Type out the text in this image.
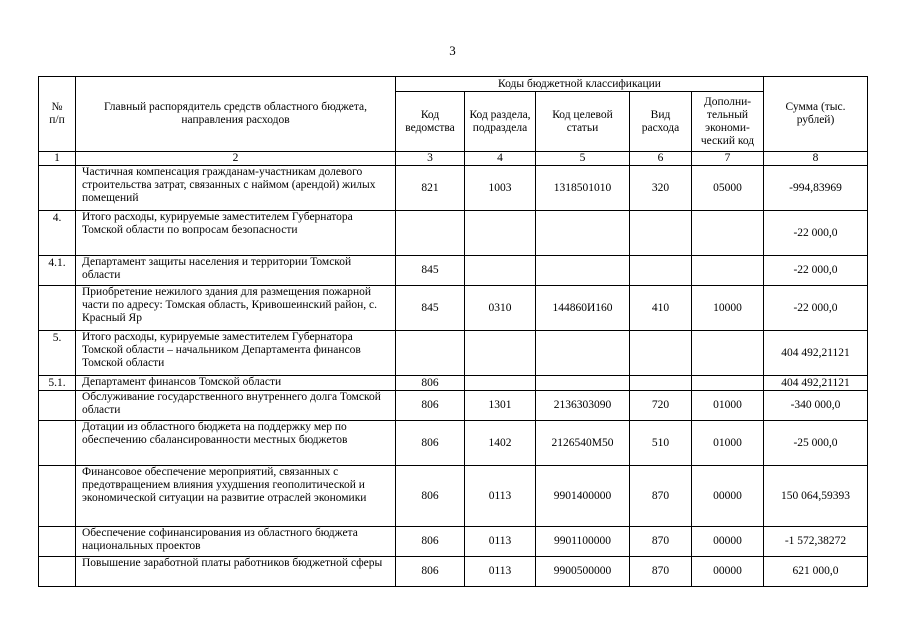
3
№
п/п	Главный распорядитель средств областного бюджета, направления расходов	Коды бюджетной классификации					Сумма (тыс. рублей)
		Код ведомства	Код раздела, подраздела	Код целевой статьи	Вид расхода	Дополни-тельный экономи-ческий код	
1	2	3	4	5	6	7	8
	Частичная компенсация гражданам-участникам долевого строительства затрат, связанных с наймом (арендой) жилых помещений	821	1003	1318501010	320	05000	-994,83969
4.	Итого расходы, курируемые заместителем Губернатора Томской области по вопросам безопасности						-22 000,0
4.1.	Департамент защиты населения и территории Томской области	845					-22 000,0
	Приобретение нежилого здания для размещения пожарной части по адресу: Томская область, Кривошеинский район, с. Красный Яр	845	0310	144860И160	410	10000	-22 000,0
5.	Итого расходы, курируемые заместителем Губернатора Томской области – начальником Департамента финансов Томской области						404 492,21121
5.1.	Департамент финансов Томской области	806					404 492,21121
	Обслуживание государственного внутреннего долга Томской области	806	1301	2136303090	720	01000	-340 000,0
	Дотации из областного бюджета на поддержку мер по обеспечению сбалансированности местных бюджетов	806	1402	2126540М50	510	01000	-25 000,0
	Финансовое обеспечение мероприятий, связанных с предотвращением влияния ухудшения геополитической и экономической ситуации на развитие отраслей экономики	806	0113	9901400000	870	00000	150 064,59393
	Обеспечение софинансирования из областного бюджета национальных проектов	806	0113	9901100000	870	00000	-1 572,38272
	Повышение заработной платы работников бюджетной сферы	806	0113	9900500000	870	00000	621 000,0
